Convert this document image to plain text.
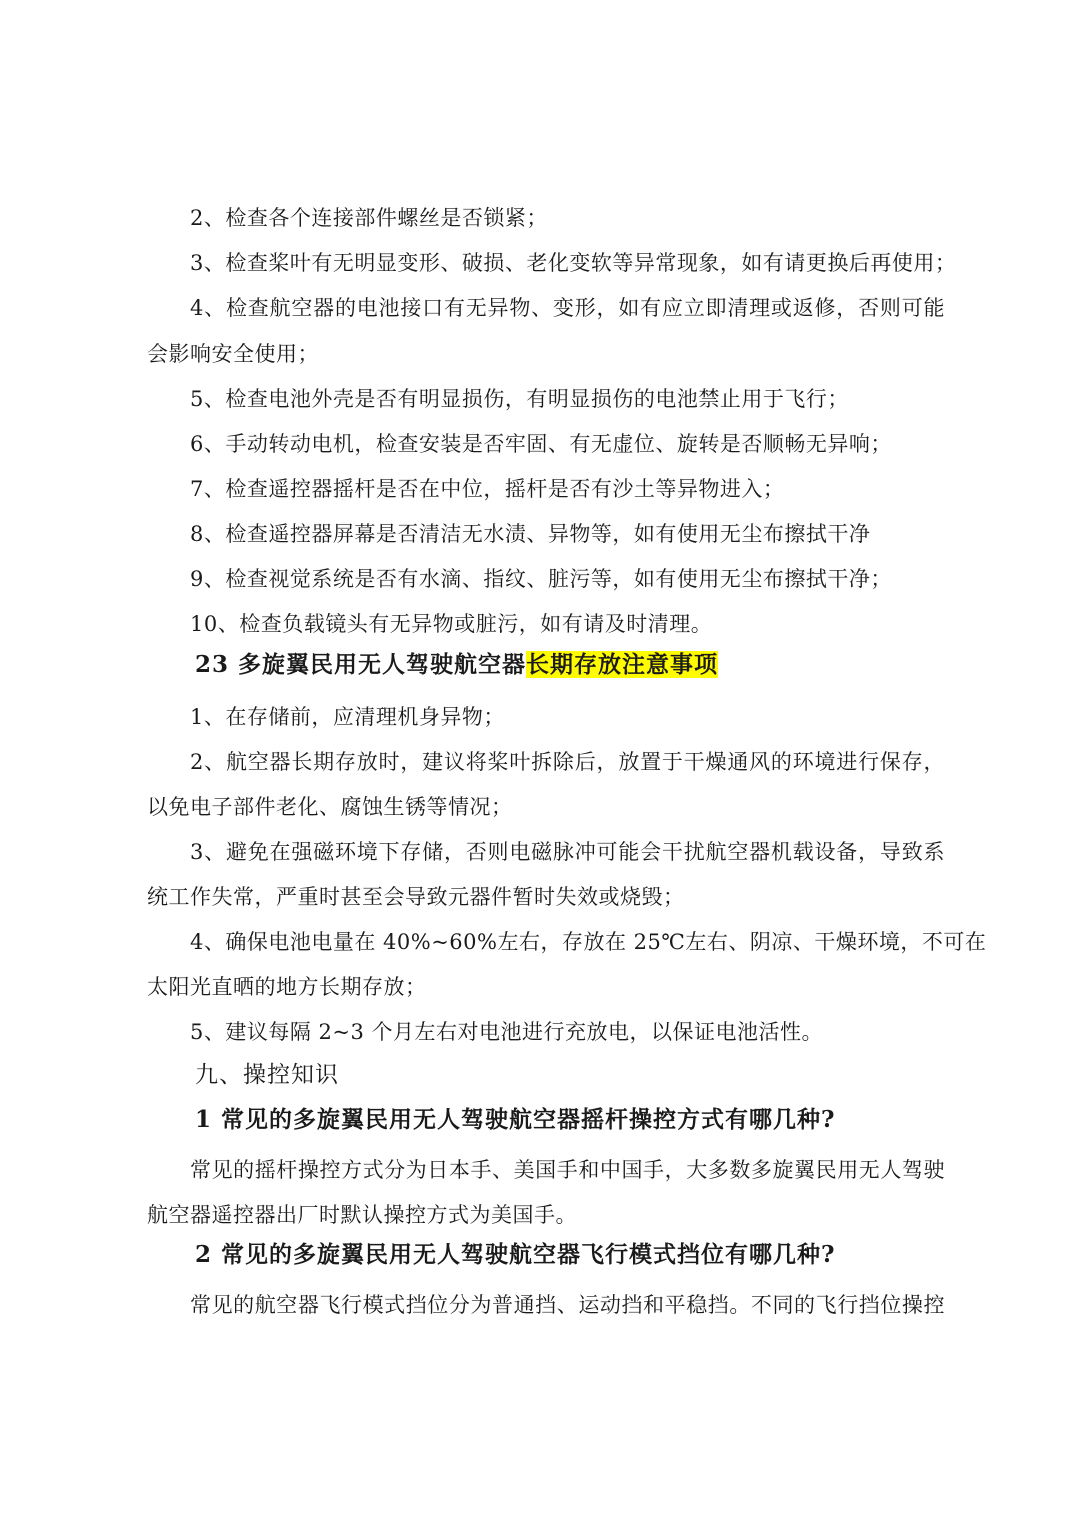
2、检查各个连接部件螺丝是否锁紧；
3、检查桨叶有无明显变形、破损、老化变软等异常现象，如有请更换后再使用；
4、检查航空器的电池接口有无异物、变形，如有应立即清理或返修，否则可能
会影响安全使用；
5、检查电池外壳是否有明显损伤，有明显损伤的电池禁止用于飞行；
6、手动转动电机，检查安装是否牢固、有无虚位、旋转是否顺畅无异响；
7、检查遥控器摇杆是否在中位，摇杆是否有沙土等异物进入；
8、检查遥控器屏幕是否清洁无水渍、异物等，如有使用无尘布擦拭干净
9、检查视觉系统是否有水滴、指纹、脏污等，如有使用无尘布擦拭干净；
10、检查负载镜头有无异物或脏污，如有请及时清理。
23 多旋翼民用无人驾驶航空器长期存放注意事项
1、在存储前，应清理机身异物；
2、航空器长期存放时，建议将桨叶拆除后，放置于干燥通风的环境进行保存，
以免电子部件老化、腐蚀生锈等情况；
3、避免在强磁环境下存储，否则电磁脉冲可能会干扰航空器机载设备，导致系
统工作失常，严重时甚至会导致元器件暂时失效或烧毁；
4、确保电池电量在 40%~60%左右，存放在 25℃左右、阴凉、干燥环境，不可在
太阳光直晒的地方长期存放；
5、建议每隔 2~3 个月左右对电池进行充放电，以保证电池活性。
九、操控知识
1 常见的多旋翼民用无人驾驶航空器摇杆操控方式有哪几种?
常见的摇杆操控方式分为日本手、美国手和中国手，大多数多旋翼民用无人驾驶
航空器遥控器出厂时默认操控方式为美国手。
2 常见的多旋翼民用无人驾驶航空器飞行模式挡位有哪几种?
常见的航空器飞行模式挡位分为普通挡、运动挡和平稳挡。不同的飞行挡位操控
